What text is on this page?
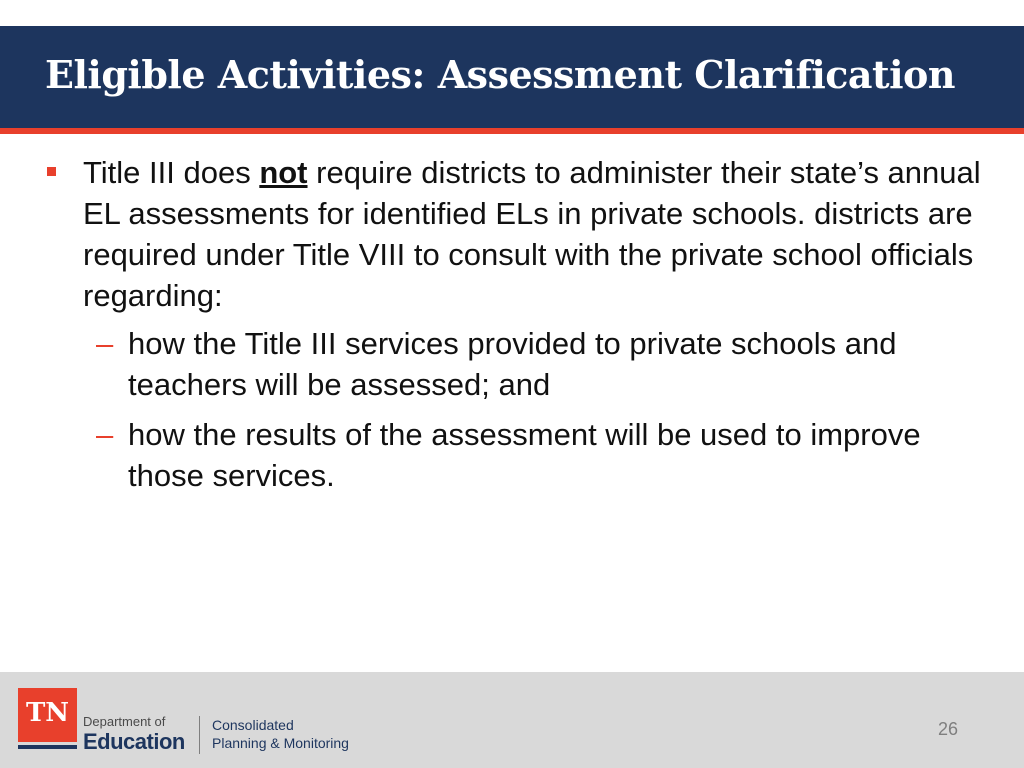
Eligible Activities: Assessment Clarification
Title III does not require districts to administer their state’s annual EL assessments for identified ELs in private schools. districts are required under Title VIII to consult with the private school officials regarding:
– how the Title III services provided to private schools and teachers will be assessed; and
– how the results of the assessment will be used to improve those services.
TN	Department of
Education
Consolidated
Planning & Monitoring
26
